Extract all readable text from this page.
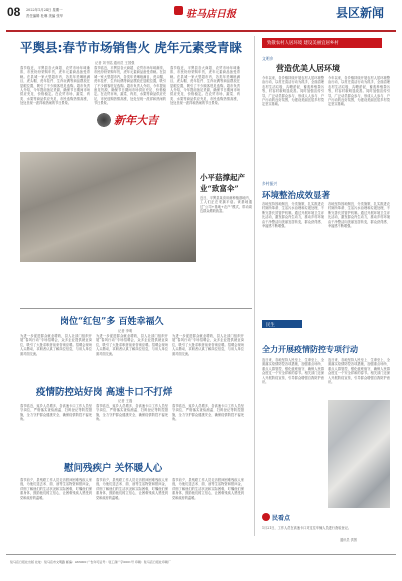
08 2022年1月24日 星期一
责任编辑 杜琳 美编 张华	驻马店日报	县区新闻
平舆县:春节市场销售火 虎年元素受青睐
记者 刘书铭 通讯员 王国强
春节临近，平舆县各大商超、农贸市场年味渐浓，市民纷纷采购年货，虎年元素商品备受青睐。在县城一家大型超市内，各类年货琳琅满目，虎头帽、虎年挂件、生肖玩偶等商品摆放在显眼位置，吸引了不少顾客驻足选购。超市负责人介绍，今年提前备足货源，确保节日期间市场供应充足、价格稳定。在农贸市场，蔬菜、肉类、水果等商品供应充足，市民选购热情高涨，处处呈现一派祥和热闹的节日景象。
春节临近，平舆县各大商超、农贸市场年味渐浓，市民纷纷采购年货，虎年元素商品备受青睐。在县城一家大型超市内，各类年货琳琅满目，虎头帽、虎年挂件、生肖玩偶等商品摆放在显眼位置，吸引了不少顾客驻足选购。超市负责人介绍，今年提前备足货源，确保节日期间市场供应充足、价格稳定。在农贸市场，蔬菜、肉类、水果等商品供应充足，市民选购热情高涨，处处呈现一派祥和热闹的节日景象。
春节临近，平舆县各大商超、农贸市场年味渐浓，市民纷纷采购年货，虎年元素商品备受青睐。在县城一家大型超市内，各类年货琳琅满目，虎头帽、虎年挂件、生肖玩偶等商品摆放在显眼位置，吸引了不少顾客驻足选购。超市负责人介绍，今年提前备足货源，确保节日期间市场供应充足、价格稳定。在农贸市场，蔬菜、肉类、水果等商品供应充足，市民选购热情高涨，处处呈现一派祥和热闹的节日景象。
新年大吉
致敬农村人居环境 建设美丽宜居乡村
文明乡
营造优美人居环境
今年以来，各乡镇持续开展农村人居环境整治行动，以村庄清洁行动为抓手，全面清理农村生活垃圾、沟塘淤泥、畜禽养殖粪污等，村容村貌明显改善。同时加强宣传引导，广泛动员群众参与，形成人人参与、户户行动的良好氛围，为建设美丽宜居乡村奠定坚实基础。
今年以来，各乡镇持续开展农村人居环境整治行动，以村庄清洁行动为抓手，全面清理农村生活垃圾、沟塘淤泥、畜禽养殖粪污等，村容村貌明显改善。同时加强宣传引导，广泛动员群众参与，形成人人参与、户户行动的良好氛围，为建设美丽宜居乡村奠定坚实基础。
乡村振兴
环境整治成效显著
各地坚持因地制宜、分类施策，扎实推进农村厕所革命、生活污水治理和垃圾处理，不断完善长效管护机制。通过开展环境卫生评比活动，激发群众内生动力，推动乡村环境由干净整洁向美丽宜居转变，群众获得感、幸福感不断增强。
各地坚持因地制宜、分类施策，扎实推进农村厕所革命、生活污水治理和垃圾处理，不断完善长效管护机制。通过开展环境卫生评比活动，激发群众内生动力，推动乡村环境由干净整洁向美丽宜居转变，群众获得感、幸福感不断增强。
小平菇撑起产业“致富伞”
近日，平舆县某食用菌种植基地内，工人们正在采摘平菇。该基地通过“公司+基地+农户”模式，带动周边群众增收致富。
岗位“红包”多 百姓幸福久
记者 李明
为进一步促进群众就业增收，县人社部门组织开展“春风行动”专场招聘会，众多企业提供就业岗位，吸引了大批求职者前来咨询应聘。招聘会现场人头攒动，求职者认真了解岗位信息，与用人单位面对面交流。
为进一步促进群众就业增收，县人社部门组织开展“春风行动”专场招聘会，众多企业提供就业岗位，吸引了大批求职者前来咨询应聘。招聘会现场人头攒动，求职者认真了解岗位信息，与用人单位面对面交流。
为进一步促进群众就业增收，县人社部门组织开展“春风行动”专场招聘会，众多企业提供就业岗位，吸引了大批求职者前来咨询应聘。招聘会现场人头攒动，求职者认真了解岗位信息，与用人单位面对面交流。
疫情防控站好岗 高速卡口不打烊
记者 王磊
春节临近，返乡人员增多，各高速卡口工作人员坚守岗位，严格落实查验测温、扫码登记等防控措施，全力守护群众健康安全，确保疫情防控不留死角。
春节临近，返乡人员增多，各高速卡口工作人员坚守岗位，严格落实查验测温、扫码登记等防控措施，全力守护群众健康安全，确保疫情防控不留死角。
春节临近，返乡人员增多，各高速卡口工作人员坚守岗位，严格落实查验测温、扫码登记等防控措施，全力守护群众健康安全，确保疫情防控不留死角。
民生
全力开展疫情防控专项行动
连日来，各地坚持人民至上、生命至上，全面落实疫情防控各项措施，加强重点场所、重点人群管控，强化值班值守，确保人民群众度过一个安全祥和的春节。相关部门还深入开展防疫宣传，引导群众增强自我防护意识。
连日来，各地坚持人民至上、生命至上，全面落实疫情防控各项措施，加强重点场所、重点人群管控，强化值班值守，确保人民群众度过一个安全祥和的春节。相关部门还深入开展防疫宣传，引导群众增强自我防护意识。
民看点
1月21日，工作人员在高速卡口对过往车辆人员进行查验登记。
通讯员 供图
慰问残疾户 关怀暖人心
春节前夕，县残联工作人员走访慰问困难残疾人家庭，为他们送去米、面、油等生活物资和慰问金，详细了解他们的生活状况和实际困难，叮嘱他们保重身体，鼓励他们树立信心，让困难残疾人感受到党和政府的温暖。
春节前夕，县残联工作人员走访慰问困难残疾人家庭，为他们送去米、面、油等生活物资和慰问金，详细了解他们的生活状况和实际困难，叮嘱他们保重身体，鼓励他们树立信心，让困难残疾人感受到党和政府的温暖。
春节前夕，县残联工作人员走访慰问困难残疾人家庭，为他们送去米、面、油等生活物资和慰问金，详细了解他们的生活状况和实际困难，叮嘱他们保重身体，鼓励他们树立信心，让困难残疾人感受到党和政府的温暖。
驻马店日报社出版 社址：驻马店市文明路 邮编：463000 广告许可证号：驻工商广字0001号 印刷：驻马店日报社印刷厂
